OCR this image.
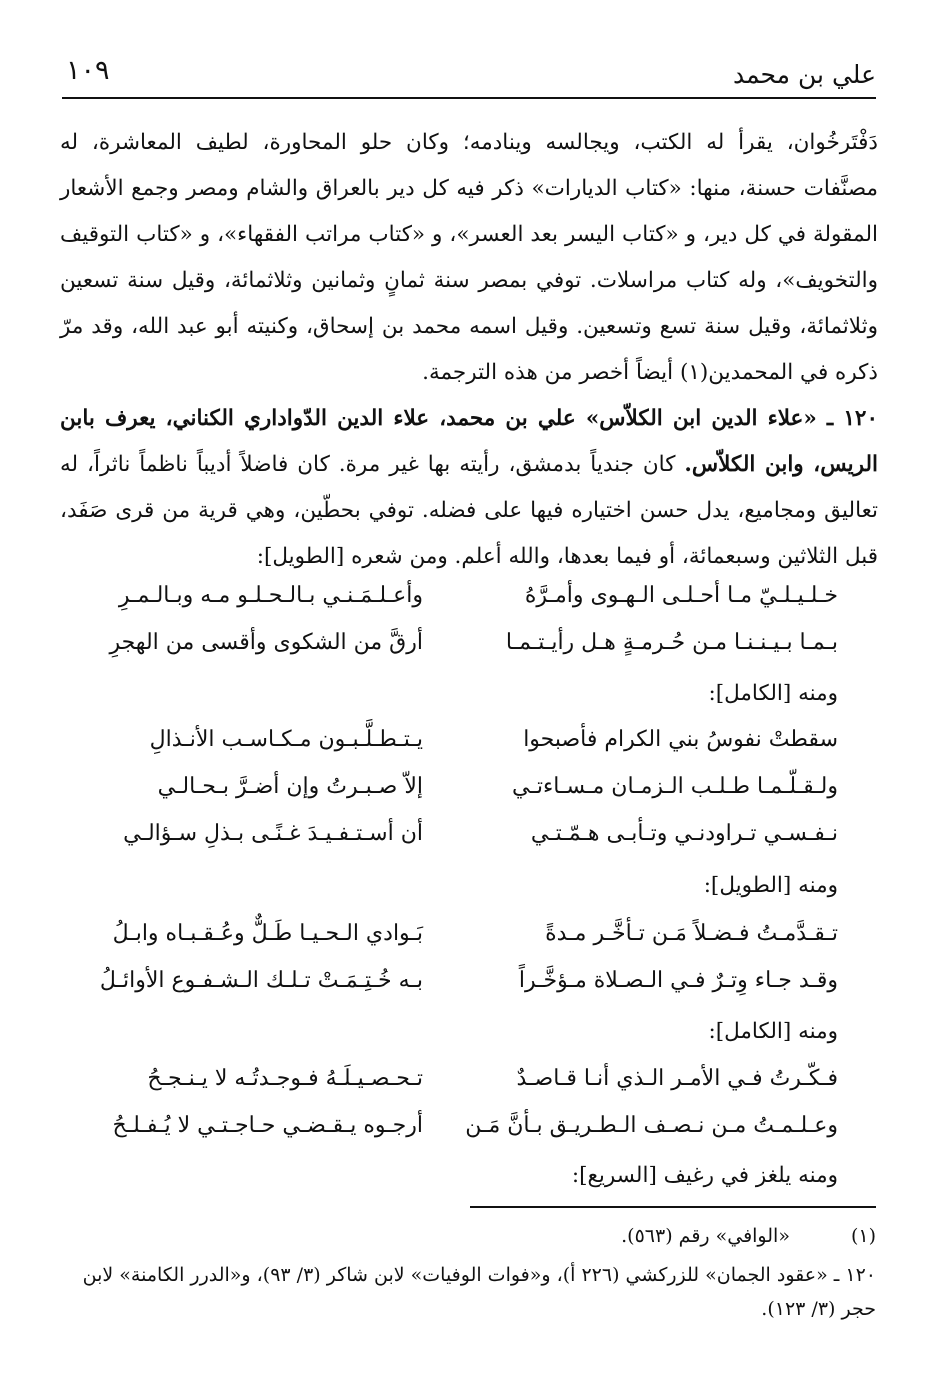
علي بن محمد
١٠٩

دَفْتَرخُوان، يقرأ له الكتب، ويجالسه وينادمه؛ وكان حلو المحاورة، لطيف المعاشرة، له مصنَّفات حسنة، منها: «كتاب الديارات» ذكر فيه كل دير بالعراق والشام ومصر وجمع الأشعار المقولة في كل دير، و «كتاب اليسر بعد العسر»، و «كتاب مراتب الفقهاء»، و «كتاب التوقيف والتخويف»، وله كتاب مراسلات. توفي بمصر سنة ثمانٍ وثمانين وثلاثمائة، وقيل سنة تسعين وثلاثمائة، وقيل سنة تسع وتسعين. وقيل اسمه محمد بن إسحاق، وكنيته أبو عبد الله، وقد مرّ ذكره في المحمدين(١) أيضاً أخصر من هذه الترجمة.

١٢٠ ـ «علاء الدين ابن الكلاّس» علي بن محمد، علاء الدين الدّواداري الكناني، يعرف بابن الريس، وابن الكلاّس. كان جندياً بدمشق، رأيته بها غير مرة. كان فاضلاً أديباً ناظماً ناثراً، له تعاليق ومجاميع، يدل حسن اختياره فيها على فضله. توفي بحطّين، وهي قرية من قرى صَفَد، قبل الثلاثين وسبعمائة، أو فيما بعدها، والله أعلم. ومن شعره [الطويل]:

خـلـيـلـيّ مـا أحـلـى الـهـوى وأمـرَّهُ
وأعـلـمَـنـي بـالـحـلـو مـه وبـالـمـرِ
بـمـا بـيـنـنـا مـن حُـرمـةٍ هـل رأيـتـمـا
أرقَّ من الشكوى وأقسى من الهجرِ
ومنه [الكامل]:
سقطتْ نفوسُ بني الكرام فأصبحوا
يـتـطـلَّـبـون مـكـاسـب الأنـذالِ
ولـقـلّـمـا طـلـب الـزمـان مـسـاءتـي
إلاّ صـبـرتُ وإن أضـرَّ بـحـالـي
نـفـسـي تـراودنـي وتـأبـى هـمّـتـي
أن أسـتـفـيـدَ غـنًـى بـذلِ سـؤالـي
ومنه [الطويل]:
تـقـدَّمـتُ فـضـلاً مَـن تـأخَّـر مـدةً
بَـوادي الـحـيـا طَـلٌّ وعُـقـبـاه وابـلُ
وقـد جـاء وِتـرٌ فـي الـصـلاة مـؤخَّـراً
بـه خُـتِـمَـتْ تـلـك الـشـفـوع الأوائـلُ
ومنه [الكامل]:
فـكّـرتُ فـي الأمـر الـذي أنـا قـاصـدٌ
تـحـصـيـلَـهُ فـوجـدتُـه لا يـنـجـحُ
وعـلـمـتُ مـن نـصـف الـطـريـق بـأنَّ مَـن
أرجـوه يـقـضـي حـاجـتـي لا يُـفـلـحُ
ومنه يلغز في رغيف [السريع]:
(١) «الوافي» رقم (٥٦٣).
١٢٠ ـ «عقود الجمان» للزركشي (٢٢٦ أ)، و«فوات الوفيات» لابن شاكر (٣/ ٩٣)، و«الدرر الكامنة» لابن حجر (٣/ ١٢٣).
